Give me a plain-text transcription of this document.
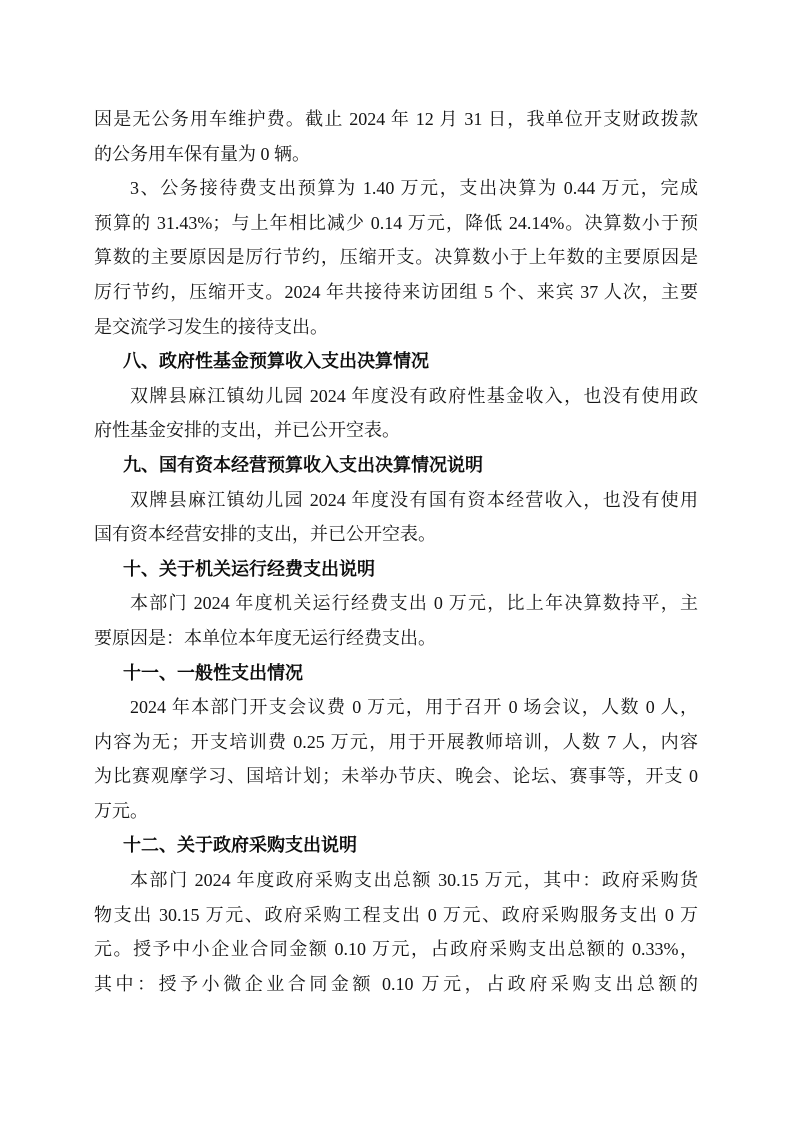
因是无公务用车维护费。截止 2024 年 12 月 31 日，我单位开支财政拨款
的公务用车保有量为 0 辆。
3、公务接待费支出预算为 1.40 万元，支出决算为 0.44 万元，完成
预算的 31.43%；与上年相比减少 0.14 万元，降低 24.14%。决算数小于预
算数的主要原因是厉行节约，压缩开支。决算数小于上年数的主要原因是
厉行节约，压缩开支。2024 年共接待来访团组 5 个、来宾 37 人次，主要
是交流学习发生的接待支出。
八、政府性基金预算收入支出决算情况
双牌县麻江镇幼儿园 2024 年度没有政府性基金收入，也没有使用政
府性基金安排的支出，并已公开空表。
九、国有资本经营预算收入支出决算情况说明
双牌县麻江镇幼儿园 2024 年度没有国有资本经营收入，也没有使用
国有资本经营安排的支出，并已公开空表。
十、关于机关运行经费支出说明
本部门 2024 年度机关运行经费支出 0 万元，比上年决算数持平，主
要原因是：本单位本年度无运行经费支出。
十一、一般性支出情况
2024 年本部门开支会议费 0 万元，用于召开 0 场会议，人数 0 人，
内容为无；开支培训费 0.25 万元，用于开展教师培训，人数 7 人，内容
为比赛观摩学习、国培计划；未举办节庆、晚会、论坛、赛事等，开支 0
万元。
十二、关于政府采购支出说明
本部门 2024 年度政府采购支出总额 30.15 万元，其中：政府采购货
物支出 30.15 万元、政府采购工程支出 0 万元、政府采购服务支出 0 万
元。授予中小企业合同金额 0.10 万元，占政府采购支出总额的 0.33%，
其中：授予小微企业合同金额 0.10 万元，占政府采购支出总额的
